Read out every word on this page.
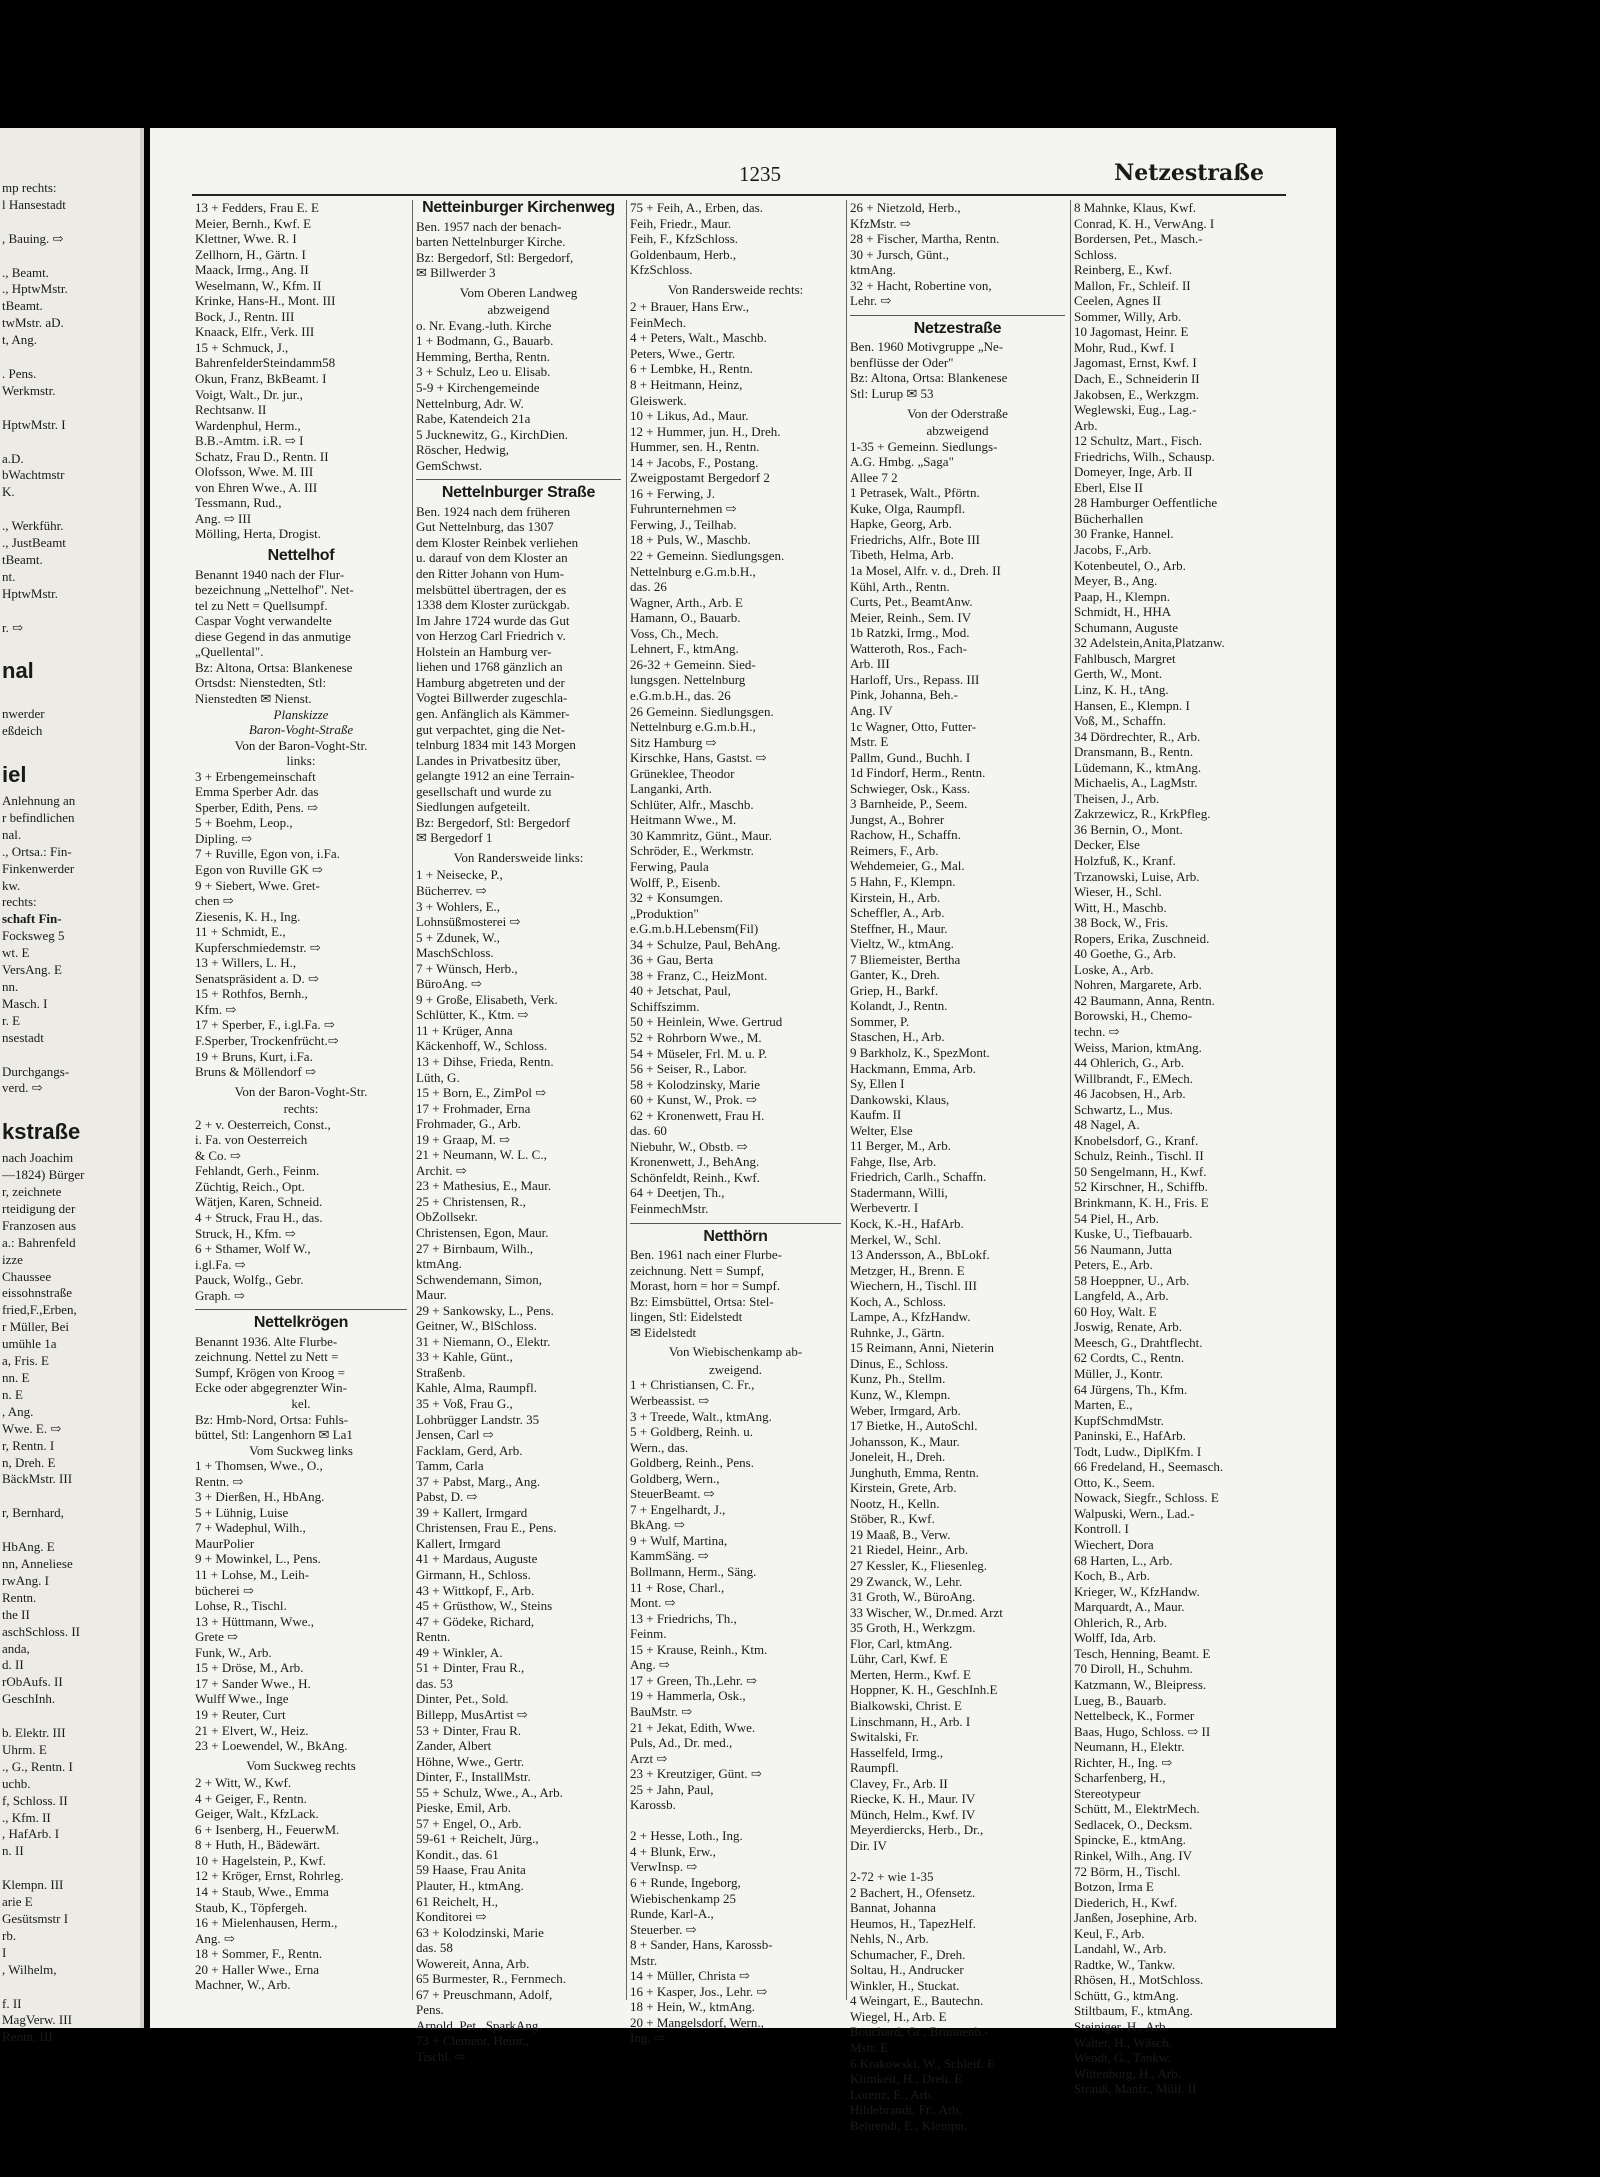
mp rechts:
l Hansestadt

, Bauing. ⇨

., Beamt.
., HptwMstr.
tBeamt.
twMstr. aD.
t, Ang.

. Pens.
Werkmstr.

HptwMstr. I

a.D.
bWachtmstr
K.

., Werkführ.
., JustBeamt
tBeamt.
nt.
HptwMstr.

r. ⇨

nal

nwerder
eßdeich

iel
Anlehnung an
r befindlichen
nal.
., Ortsa.: Fin-
Finkenwerder
kw.
rechts:
schaft Fin-
Focksweg 5
wt. E
VersAng. E
nn.
Masch. I
r. E
nsestadt

Durchgangs-
verd. ⇨

kstraße
nach Joachim
—1824) Bürger
r, zeichnete
rteidigung der
Franzosen aus
a.: Bahrenfeld
izze
Chaussee
eissohnstraße
fried,F.,Erben,
r Müller, Bei
umühle 1a
a, Fris. E
nn. E
n. E
, Ang.
Wwe. E. ⇨
r, Rentn. I
n, Dreh. E
BäckMstr. III

r, Bernhard,

HbAng. E
nn, Anneliese
rwAng. I
Rentn.
the II
aschSchloss. II
anda,
d. II
rObAufs. II
GeschInh.

b. Elektr. III
Uhrm. E
., G., Rentn. I
uchb.
f, Schloss. II
., Kfm. II
, HafArb. I
n. II

Klempn. III
arie E
Gesütsmstr I
rb.
I
, Wilhelm,

f. II
MagVerw. III
Rentn. III
1235	Netzestraße
13 + Fedders, Frau E. E
Meier, Bernh., Kwf. E
Klettner, Wwe. R. I
Zellhorn, H., Gärtn. I
Maack, Irmg., Ang. II
Weselmann, W., Kfm. II
Krinke, Hans-H., Mont. III
Bock, J., Rentn. III
Knaack, Elfr., Verk. III
15 + Schmuck, J.,
BahrenfelderSteindamm58
Okun, Franz, BkBeamt. I
Voigt, Walt., Dr. jur.,
Rechtsanw. II
Wardenphul, Herm.,
B.B.-Amtm. i.R. ⇨ I
Schatz, Frau D., Rentn. II
Olofsson, Wwe. M. III
von Ehren Wwe., A. III
Tessmann, Rud.,
Ang. ⇨ III
Mölling, Herta, Drogist.
Nettelhof
Benannt 1940 nach der Flur-
bezeichnung „Nettelhof". Net-
tel zu Nett = Quellsumpf.
Caspar Voght verwandelte
diese Gegend in das anmutige
„Quellental".
Bz: Altona, Ortsa: Blankenese
Ortsdst: Nienstedten, Stl:
Nienstedten ✉ Nienst.
Planskizze
Baron-Voght-Straße
Von der Baron-Voght-Str.
links:
3 + Erbengemeinschaft
Emma Sperber Adr. das
Sperber, Edith, Pens. ⇨
5 + Boehm, Leop.,
Dipling. ⇨
7 + Ruville, Egon von, i.Fa.
Egon von Ruville GK ⇨
9 + Siebert, Wwe. Gret-
chen ⇨
Ziesenis, K. H., Ing.
11 + Schmidt, E.,
Kupferschmiedemstr. ⇨
13 + Willers, L. H.,
Senatspräsident a. D. ⇨
15 + Rothfos, Bernh.,
Kfm. ⇨
17 + Sperber, F., i.gl.Fa. ⇨
F.Sperber, Trockenfrücht.⇨
19 + Bruns, Kurt, i.Fa.
Bruns & Möllendorf ⇨
Von der Baron-Voght-Str.
rechts:
2 + v. Oesterreich, Const.,
i. Fa. von Oesterreich
& Co. ⇨
Fehlandt, Gerh., Feinm.
Züchtig, Reich., Opt.
Wätjen, Karen, Schneid.
4 + Struck, Frau H., das.
Struck, H., Kfm. ⇨
6 + Sthamer, Wolf W.,
i.gl.Fa. ⇨
Pauck, Wolfg., Gebr.
Graph. ⇨
Nettelkrögen
Benannt 1936. Alte Flurbe-
zeichnung. Nettel zu Nett =
Sumpf, Krögen von Kroog =
Ecke oder abgegrenzter Win-
kel.
Bz: Hmb-Nord, Ortsa: Fuhls-
büttel, Stl: Langenhorn ✉ La1
Vom Suckweg links
1 + Thomsen, Wwe., O.,
Rentn. ⇨
3 + Dierßen, H., HbAng.
5 + Lühnig, Luise
7 + Wadephul, Wilh.,
MaurPolier
9 + Mowinkel, L., Pens.
11 + Lohse, M., Leih-
bücherei ⇨
Lohse, R., Tischl.
13 + Hüttmann, Wwe.,
Grete ⇨
Funk, W., Arb.
15 + Dröse, M., Arb.
17 + Sander Wwe., H.
Wulff Wwe., Inge
19 + Reuter, Curt
21 + Elvert, W., Heiz.
23 + Loewendel, W., BkAng.
Vom Suckweg rechts
2 + Witt, W., Kwf.
4 + Geiger, F., Rentn.
Geiger, Walt., KfzLack.
6 + Isenberg, H., FeuerwM.
8 + Huth, H., Bädewärt.
10 + Hagelstein, P., Kwf.
12 + Kröger, Ernst, Rohrleg.
14 + Staub, Wwe., Emma
Staub, K., Töpfergeh.
16 + Mielenhausen, Herm.,
Ang. ⇨
18 + Sommer, F., Rentn.
20 + Haller Wwe., Erna
Machner, W., Arb.
Netteinburger Kirchenweg
Ben. 1957 nach der benach-
barten Nettelnburger Kirche.
Bz: Bergedorf, Stl: Bergedorf,
✉ Billwerder 3
Vom Oberen Landweg
abzweigend
o. Nr. Evang.-luth. Kirche
1 + Bodmann, G., Bauarb.
Hemming, Bertha, Rentn.
3 + Schulz, Leo u. Elisab.
5-9 + Kirchengemeinde
Nettelnburg, Adr. W.
Rabe, Katendeich 21a
5 Jucknewitz, G., KirchDien.
Röscher, Hedwig,
GemSchwst.
Nettelnburger Straße
Ben. 1924 nach dem früheren
Gut Nettelnburg, das 1307
dem Kloster Reinbek verliehen
u. darauf von dem Kloster an
den Ritter Johann von Hum-
melsbüttel übertragen, der es
1338 dem Kloster zurückgab.
Im Jahre 1724 wurde das Gut
von Herzog Carl Friedrich v.
Holstein an Hamburg ver-
liehen und 1768 gänzlich an
Hamburg abgetreten und der
Vogtei Billwerder zugeschla-
gen. Anfänglich als Kämmer-
gut verpachtet, ging die Net-
telnburg 1834 mit 143 Morgen
Landes in Privatbesitz über,
gelangte 1912 an eine Terrain-
gesellschaft und wurde zu
Siedlungen aufgeteilt.
Bz: Bergedorf, Stl: Bergedorf
✉ Bergedorf 1
Von Randersweide links:
1 + Neisecke, P.,
Bücherrev. ⇨
3 + Wohlers, E.,
Lohnsüßmosterei ⇨
5 + Zdunek, W.,
MaschSchloss.
7 + Wünsch, Herb.,
BüroAng. ⇨
9 + Große, Elisabeth, Verk.
Schlütter, K., Ktm. ⇨
11 + Krüger, Anna
Käckenhoff, W., Schloss.
13 + Dihse, Frieda, Rentn.
Lüth, G.
15 + Born, E., ZimPol ⇨
17 + Frohmader, Erna
Frohmader, G., Arb.
19 + Graap, M. ⇨
21 + Neumann, W. L. C.,
Archit. ⇨
23 + Mathesius, E., Maur.
25 + Christensen, R.,
ObZollsekr.
Christensen, Egon, Maur.
27 + Birnbaum, Wilh.,
ktmAng.
Schwendemann, Simon,
Maur.
29 + Sankowsky, L., Pens.
Geitner, W., BlSchloss.
31 + Niemann, O., Elektr.
33 + Kahle, Günt.,
Straßenb.
Kahle, Alma, Raumpfl.
35 + Voß, Frau G.,
Lohbrügger Landstr. 35
Jensen, Carl ⇨
Facklam, Gerd, Arb.
Tamm, Carla
37 + Pabst, Marg., Ang.
Pabst, D. ⇨
39 + Kallert, Irmgard
Christensen, Frau E., Pens.
Kallert, Irmgard
41 + Mardaus, Auguste
Girmann, H., Schloss.
43 + Wittkopf, F., Arb.
45 + Grüsthow, W., Steins
47 + Gödeke, Richard,
Rentn.
49 + Winkler, A.
51 + Dinter, Frau R.,
das. 53
Dinter, Pet., Sold.
Billepp, MusArtist ⇨
53 + Dinter, Frau R.
Zander, Albert
Höhne, Wwe., Gertr.
Dinter, F., InstallMstr.
55 + Schulz, Wwe., A., Arb.
Pieske, Emil, Arb.
57 + Engel, O., Arb.
59-61 + Reichelt, Jürg.,
Kondit., das. 61
59 Haase, Frau Anita
Plauter, H., ktmAng.
61 Reichelt, H.,
Konditorei ⇨
63 + Kolodzinski, Marie
das. 58
Wowereit, Anna, Arb.
65 Burmester, R., Fernmech.
67 + Preuschmann, Adolf,
Pens.
Arnold, Pet., SparkAng.
73 + Clement, Heinr.,
Tischl. ⇨
75 + Feih, A., Erben, das.
Feih, Friedr., Maur.
Feih, F., KfzSchloss.
Goldenbaum, Herb.,
KfzSchloss.
Von Randersweide rechts:
2 + Brauer, Hans Erw.,
FeinMech.
4 + Peters, Walt., Maschb.
Peters, Wwe., Gertr.
6 + Lembke, H., Rentn.
8 + Heitmann, Heinz,
Gleiswerk.
10 + Likus, Ad., Maur.
12 + Hummer, jun. H., Dreh.
Hummer, sen. H., Rentn.
14 + Jacobs, F., Postang.
Zweigpostamt Bergedorf 2
16 + Ferwing, J.
Fuhrunternehmen ⇨
Ferwing, J., Teilhab.
18 + Puls, W., Maschb.
22 + Gemeinn. Siedlungsgen.
Nettelnburg e.G.m.b.H.,
das. 26
Wagner, Arth., Arb. E
Hamann, O., Bauarb.
Voss, Ch., Mech.
Lehnert, F., ktmAng.
26-32 + Gemeinn. Sied-
lungsgen. Nettelnburg
e.G.m.b.H., das. 26
26 Gemeinn. Siedlungsgen.
Nettelnburg e.G.m.b.H.,
Sitz Hamburg ⇨
Kirschke, Hans, Gastst. ⇨
Grüneklee, Theodor
Langanki, Arth.
Schlüter, Alfr., Maschb.
Heitmann Wwe., M.
30 Kammritz, Günt., Maur.
Schröder, E., Werkmstr.
Ferwing, Paula
Wolff, P., Eisenb.
32 + Konsumgen.
„Produktion"
e.G.m.b.H.Lebensm(Fil)
34 + Schulze, Paul, BehAng.
36 + Gau, Berta
38 + Franz, C., HeizMont.
40 + Jetschat, Paul,
Schiffszimm.
50 + Heinlein, Wwe. Gertrud
52 + Rohrborn Wwe., M.
54 + Müseler, Frl. M. u. P.
56 + Seiser, R., Labor.
58 + Kolodzinsky, Marie
60 + Kunst, W., Prok. ⇨
62 + Kronenwett, Frau H.
das. 60
Niebuhr, W., Obstb. ⇨
Kronenwett, J., BehAng.
Schönfeldt, Reinh., Kwf.
64 + Deetjen, Th.,
FeinmechMstr.
Netthörn
Ben. 1961 nach einer Flurbe-
zeichnung. Nett = Sumpf,
Morast, horn = hor = Sumpf.
Bz: Eimsbüttel, Ortsa: Stel-
lingen, Stl: Eidelstedt
✉ Eidelstedt
Von Wiebischenkamp ab-
zweigend.
1 + Christiansen, C. Fr.,
Werbeassist. ⇨
3 + Treede, Walt., ktmAng.
5 + Goldberg, Reinh. u.
Wern., das.
Goldberg, Reinh., Pens.
Goldberg, Wern.,
SteuerBeamt. ⇨
7 + Engelhardt, J.,
BkAng. ⇨
9 + Wulf, Martina,
KammSäng. ⇨
Bollmann, Herm., Säng.
11 + Rose, Charl.,
Mont. ⇨
13 + Friedrichs, Th.,
Feinm.
15 + Krause, Reinh., Ktm.
Ang. ⇨
17 + Green, Th.,Lehr. ⇨
19 + Hammerla, Osk.,
BauMstr. ⇨
21 + Jekat, Edith, Wwe.
Puls, Ad., Dr. med.,
Arzt ⇨
23 + Kreutziger, Günt. ⇨
25 + Jahn, Paul,
Karossb.

2 + Hesse, Loth., Ing.
4 + Blunk, Erw.,
VerwInsp. ⇨
6 + Runde, Ingeborg,
Wiebischenkamp 25
Runde, Karl-A.,
Steuerber. ⇨
8 + Sander, Hans, Karossb-
Mstr.
14 + Müller, Christa ⇨
16 + Kasper, Jos., Lehr. ⇨
18 + Hein, W., ktmAng.
20 + Mangelsdorf, Wern.,
Ing. ⇨
26 + Nietzold, Herb.,
KfzMstr. ⇨
28 + Fischer, Martha, Rentn.
30 + Jursch, Günt.,
ktmAng.
32 + Hacht, Robertine von,
Lehr. ⇨
Netzestraße
Ben. 1960 Motivgruppe „Ne-
benflüsse der Oder"
Bz: Altona, Ortsa: Blankenese
Stl: Lurup ✉ 53
Von der Oderstraße
abzweigend
1-35 + Gemeinn. Siedlungs-
A.G. Hmbg. „Saga"
Allee 7 2
1 Petrasek, Walt., Pförtn.
Kuke, Olga, Raumpfl.
Hapke, Georg, Arb.
Friedrichs, Alfr., Bote III
Tibeth, Helma, Arb.
1a Mosel, Alfr. v. d., Dreh. II
Kühl, Arth., Rentn.
Curts, Pet., BeamtAnw.
Meier, Reinh., Sem. IV
1b Ratzki, Irmg., Mod.
Watteroth, Ros., Fach-
Arb. III
Harloff, Urs., Repass. III
Pink, Johanna, Beh.-
Ang. IV
1c Wagner, Otto, Futter-
Mstr. E
Pallm, Gund., Buchh. I
1d Findorf, Herm., Rentn.
Schwieger, Osk., Kass.
3 Barnheide, P., Seem.
Jungst, A., Bohrer
Rachow, H., Schaffn.
Reimers, F., Arb.
Wehdemeier, G., Mal.
5 Hahn, F., Klempn.
Kirstein, H., Arb.
Scheffler, A., Arb.
Steffner, H., Maur.
Vieltz, W., ktmAng.
7 Bliemeister, Bertha
Ganter, K., Dreh.
Griep, H., Barkf.
Kolandt, J., Rentn.
Sommer, P.
Staschen, H., Arb.
9 Barkholz, K., SpezMont.
Hackmann, Emma, Arb.
Sy, Ellen I
Dankowski, Klaus,
Kaufm. II
Welter, Else
11 Berger, M., Arb.
Fahge, Ilse, Arb.
Friedrich, Carlh., Schaffn.
Stadermann, Willi,
Werbevertr. I
Kock, K.-H., HafArb.
Merkel, W., Schl.
13 Andersson, A., BbLokf.
Metzger, H., Brenn. E
Wiechern, H., Tischl. III
Koch, A., Schloss.
Lampe, A., KfzHandw.
Ruhnke, J., Gärtn.
15 Reimann, Anni, Nieterin
Dinus, E., Schloss.
Kunz, Ph., Stellm.
Kunz, W., Klempn.
Weber, Irmgard, Arb.
17 Bietke, H., AutoSchl.
Johansson, K., Maur.
Joneleit, H., Dreh.
Junghuth, Emma, Rentn.
Kirstein, Grete, Arb.
Nootz, H., Kelln.
Stöber, R., Kwf.
19 Maaß, B., Verw.
21 Riedel, Heinr., Arb.
27 Kessler, K., Fliesenleg.
29 Zwanck, W., Lehr.
31 Groth, W., BüroAng.
33 Wischer, W., Dr.med. Arzt
35 Groth, H., Werkzgm.
Flor, Carl, ktmAng.
Lühr, Carl, Kwf. E
Merten, Herm., Kwf. E
Hoppner, K. H., GeschInh.E
Bialkowski, Christ. E
Linschmann, H., Arb. I
Switalski, Fr.
Hasselfeld, Irmg.,
Raumpfl.
Clavey, Fr., Arb. II
Riecke, K. H., Maur. IV
Münch, Helm., Kwf. IV
Meyerdiercks, Herb., Dr.,
Dir. IV

2-72 + wie 1-35
2 Bachert, H., Ofensetz.
Bannat, Johanna
Heumos, H., TapezHelf.
Nehls, N., Arb.
Schumacher, F., Dreh.
Soltau, H., Andrucker
Winkler, H., Stuckat.
4 Weingart, E., Bautechn.
Wiegel, H., Arb. E
Bouchard, Gr., Brunnenb.-
Mstr. E
6 Krakowski, W., Schleif. E
Klimkeit, H., Dreh. E
Lorenz, E., Arb.
Hildebrandt, Fr., Arb.
Behrendt, E., Klempn.
8 Mahnke, Klaus, Kwf.
Conrad, K. H., VerwAng. I
Bordersen, Pet., Masch.-
Schloss.
Reinberg, E., Kwf.
Mallon, Fr., Schleif. II
Ceelen, Agnes II
Sommer, Willy, Arb.
10 Jagomast, Heinr. E
Mohr, Rud., Kwf. I
Jagomast, Ernst, Kwf. I
Dach, E., Schneiderin II
Jakobsen, E., Werkzgm.
Weglewski, Eug., Lag.-
Arb.
12 Schultz, Mart., Fisch.
Friedrichs, Wilh., Schausp.
Domeyer, Inge, Arb. II
Eberl, Else II
28 Hamburger Oeffentliche
Bücherhallen
30 Franke, Hannel.
Jacobs, F.,Arb.
Kotenbeutel, O., Arb.
Meyer, B., Ang.
Paap, H., Klempn.
Schmidt, H., HHA
Schumann, Auguste
32 Adelstein,Anita,Platzanw.
Fahlbusch, Margret
Gerth, W., Mont.
Linz, K. H., tAng.
Hansen, E., Klempn. I
Voß, M., Schaffn.
34 Dördrechter, R., Arb.
Dransmann, B., Rentn.
Lüdemann, K., ktmAng.
Michaelis, A., LagMstr.
Theisen, J., Arb.
Zakrzewicz, R., KrkPfleg.
36 Bernin, O., Mont.
Decker, Else
Holzfuß, K., Kranf.
Trzanowski, Luise, Arb.
Wieser, H., Schl.
Witt, H., Maschb.
38 Bock, W., Fris.
Ropers, Erika, Zuschneid.
40 Goethe, G., Arb.
Loske, A., Arb.
Nohren, Margarete, Arb.
42 Baumann, Anna, Rentn.
Borowski, H., Chemo-
techn. ⇨
Weiss, Marion, ktmAng.
44 Ohlerich, G., Arb.
Willbrandt, F., EMech.
46 Jacobsen, H., Arb.
Schwartz, L., Mus.
48 Nagel, A.
Knobelsdorf, G., Kranf.
Schulz, Reinh., Tischl. II
50 Sengelmann, H., Kwf.
52 Kirschner, H., Schiffb.
Brinkmann, K. H., Fris. E
54 Piel, H., Arb.
Kuske, U., Tiefbauarb.
56 Naumann, Jutta
Peters, E., Arb.
58 Hoeppner, U., Arb.
Langfeld, A., Arb.
60 Hoy, Walt. E
Joswig, Renate, Arb.
Meesch, G., Drahtflecht.
62 Cordts, C., Rentn.
Müller, J., Kontr.
64 Jürgens, Th., Kfm.
Marten, E.,
KupfSchmdMstr.
Paninski, E., HafArb.
Todt, Ludw., DiplKfm. I
66 Fredeland, H., Seemasch.
Otto, K., Seem.
Nowack, Siegfr., Schloss. E
Walpuski, Wern., Lad.-
Kontroll. I
Wiechert, Dora
68 Harten, L., Arb.
Koch, B., Arb.
Krieger, W., KfzHandw.
Marquardt, A., Maur.
Ohlerich, R., Arb.
Wolff, Ida, Arb.
Tesch, Henning, Beamt. E
70 Diroll, H., Schuhm.
Katzmann, W., Bleipress.
Lueg, B., Bauarb.
Nettelbeck, K., Former
Baas, Hugo, Schloss. ⇨ II
Neumann, H., Elektr.
Richter, H., Ing. ⇨
Scharfenberg, H.,
Stereotypeur
Schütt, M., ElektrMech.
Sedlacek, O., Decksm.
Spincke, E., ktmAng.
Rinkel, Wilh., Ang. IV
72 Börm, H., Tischl.
Botzon, Irma E
Diederich, H., Kwf.
Janßen, Josephine, Arb.
Keul, F., Arb.
Landahl, W., Arb.
Radtke, W., Tankw.
Rhösen, H., MotSchloss.
Schütt, G., ktmAng.
Stiltbaum, F., ktmAng.
Steiniger, H., Arb.
Walter, H., Wäsch.
Wendt, G., Tankw.
Wittenburg, H., Arb.
Strauß, Manfr., Müll. II
